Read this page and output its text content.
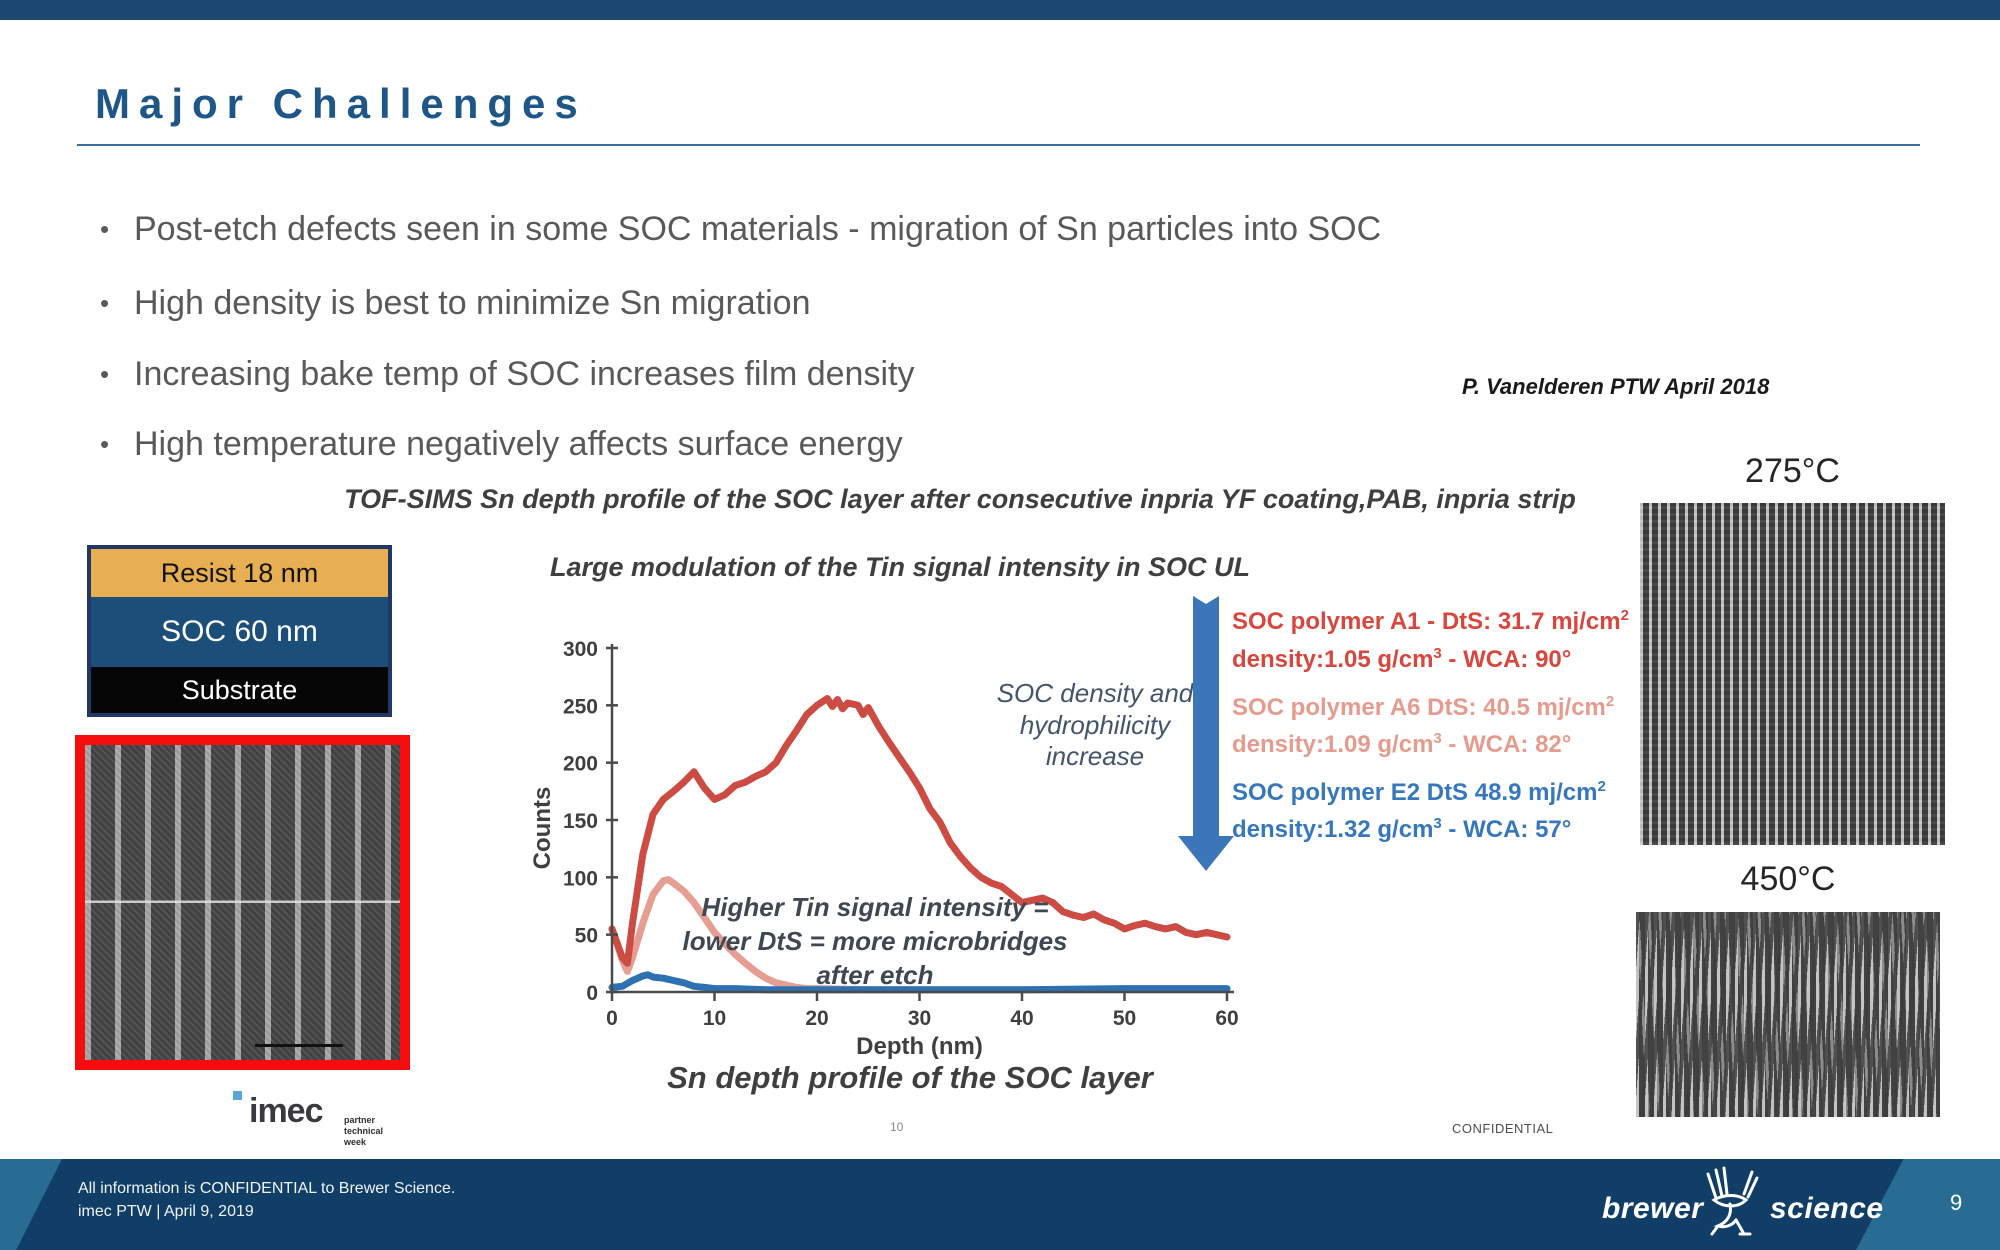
Major Challenges
• Post-etch defects seen in some SOC materials - migration of Sn particles into SOC
• High density is best to minimize Sn migration
• Increasing bake temp of SOC increases film density
• High temperature negatively affects surface energy
P. Vanelderen PTW April 2018
Resist 18 nm
SOC 60 nm
Substrate
imec partner
technical
week
TOF-SIMS Sn depth profile of the SOC layer after consecutive inpria YF coating,PAB, inpria strip
Large modulation of the Tin signal intensity in SOC UL
0
50
100
150
200
250
300
0	10	20	30	40	50	60
Counts
Depth (nm)
Higher Tin signal intensity =
lower DtS = more microbridges
after etch
SOC density and
hydrophilicity
increase
SOC polymer A1 - DtS: 31.7 $mj/cm^2$
density:1.05 $g/cm^3$ - WCA: 90°
SOC polymer A6 DtS: 40.5 $mj/cm^2$
density:1.09 $g/cm^3$ - WCA: 82°
SOC polymer E2 DtS 48.9 $mj/cm^2$
density:1.32 $g/cm^3$ - WCA: 57°
275°C
450°C
Sn depth profile of the SOC layer
10	CONFIDENTIAL
All information is CONFIDENTIAL to Brewer Science.
imec PTW | April 9, 2019	brewer science	9
